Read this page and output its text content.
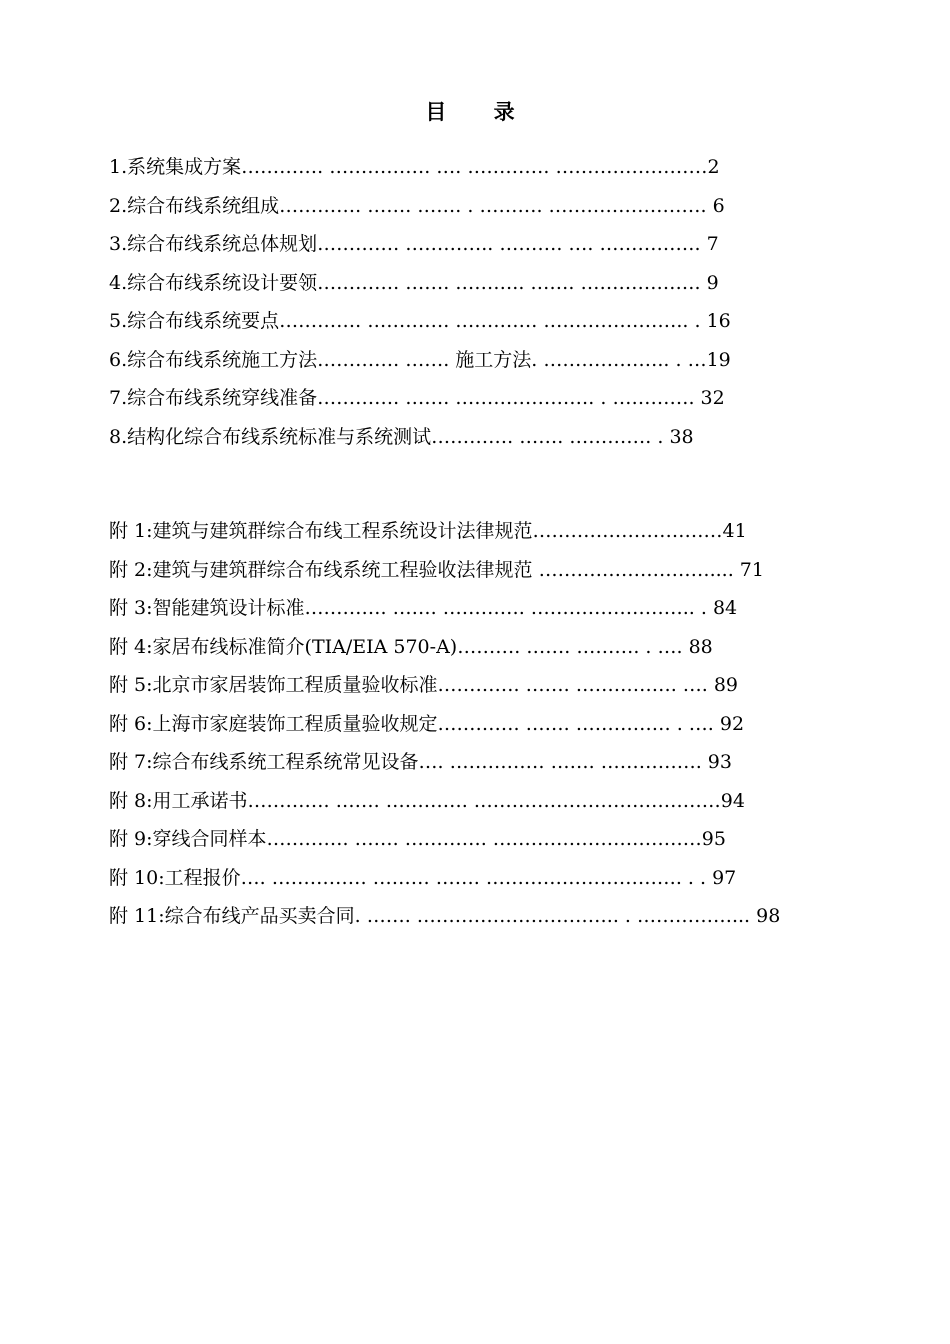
目 录
1.系统集成方案…………. ……………. …. …………. ……………………2
2.综合布线系统组成…………. ……. ……. . ………. ……………………. 6
3.综合布线系统总体规划…………. ………….. ………. …. ……………. 7
4.综合布线系统设计要领…………. ……. ……….. ……. ………………. 9
5.综合布线系统要点…………. …………. …………. ………………….. . 16
6.综合布线系统施工方法…………. ……. 施工方法. ……………….. . …19
7.综合布线系统穿线准备…………. ……. …………………. . …………. 32
8.结构化综合布线系统标准与系统测试…………. ……. …………. . 38
附 1:建筑与建筑群综合布线工程系统设计法律规范…………………………41
附 2:建筑与建筑群综合布线系统工程验收法律规范 ……………………….... 71
附 3:智能建筑设计标准…………. ……. …………. …………………….. . 84
附 4:家居布线标准简介(TIA/EIA 570-A)………. ……. ………. . …. 88
附 5:北京市家居装饰工程质量验收标准…………. ……. ……………. …. 89
附 6:上海市家庭装饰工程质量验收规定…………. ……. …………… . …. 92
附 7:综合布线系统工程系统常见设备…. …………… ……. ……………. 93
附 8:用工承诺书…………. ……. …………. …………………………………94
附 9:穿线合同样本…………. ……. …………. ……………………………95
附 10:工程报价…. …………… ……… ……. …………………………. . . 97
附 11:综合布线产品买卖合同. ……. ………………………….. . ……………... 98
